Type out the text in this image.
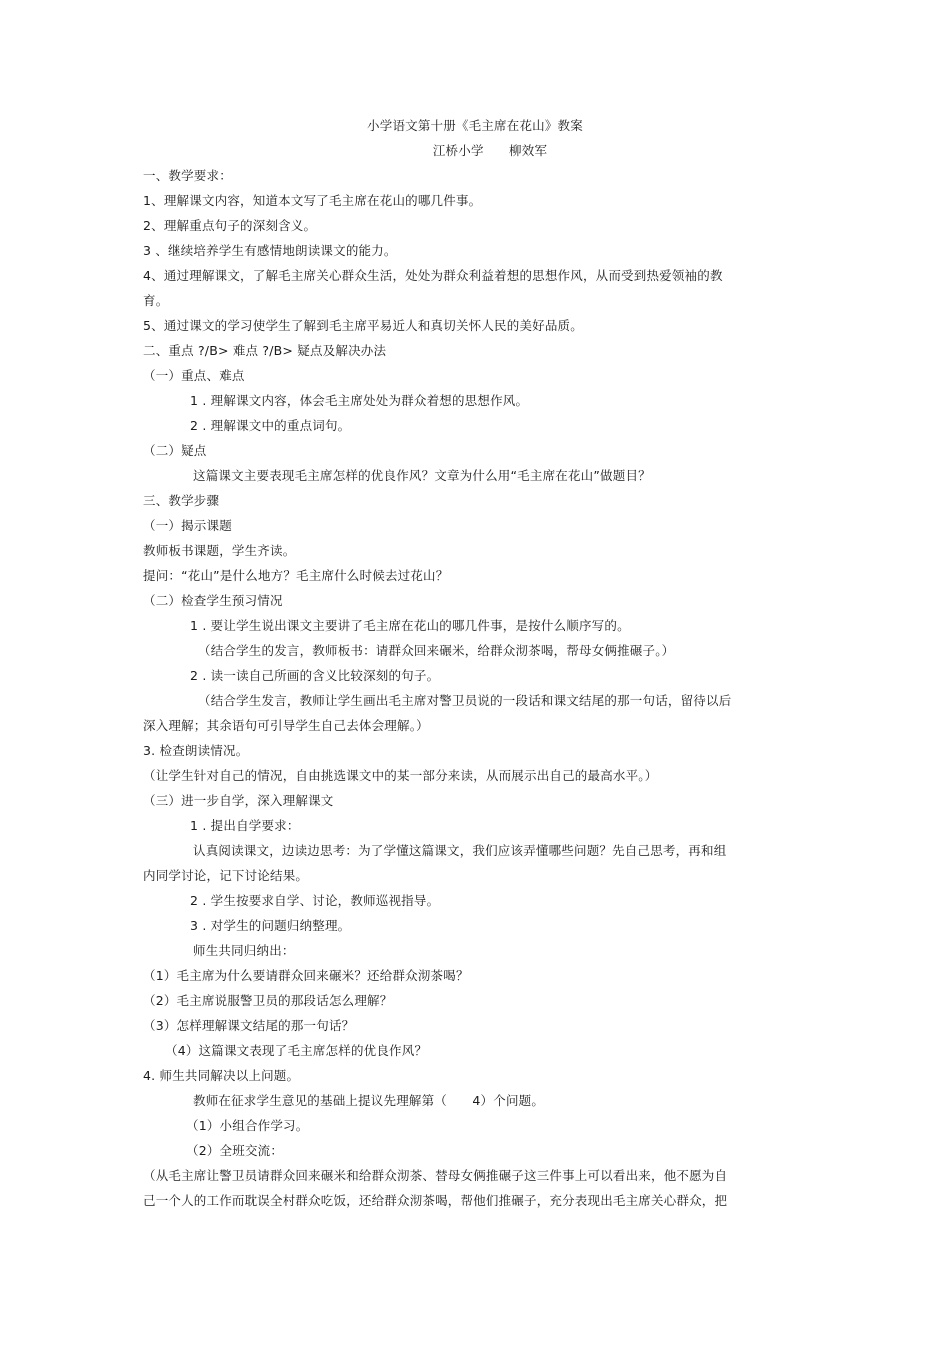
小学语文第十册《毛主席在花山》教案
江桥小学　　柳效军
一、教学要求：
1、理解课文内容，知道本文写了毛主席在花山的哪几件事。
2、理解重点句子的深刻含义。
3 、继续培养学生有感情地朗读课文的能力。
4、通过理解课文，了解毛主席关心群众生活，处处为群众利益着想的思想作风，从而受到热爱领袖的教
育。
5、通过课文的学习使学生了解到毛主席平易近人和真切关怀人民的美好品质。
二、重点 ?/B> 难点 ?/B> 疑点及解决办法
（一）重点、难点
1 . 理解课文内容，体会毛主席处处为群众着想的思想作风。
2 . 理解课文中的重点词句。
（二）疑点
这篇课文主要表现毛主席怎样的优良作风？文章为什么用“毛主席在花山”做题目？
三、教学步骤
（一）揭示课题
教师板书课题，学生齐读。
提问：“花山”是什么地方？毛主席什么时候去过花山？
（二）检查学生预习情况
1 . 要让学生说出课文主要讲了毛主席在花山的哪几件事，是按什么顺序写的。
（结合学生的发言，教师板书：请群众回来碾米，给群众沏茶喝，帮母女俩推碾子。）
2 . 读一读自己所画的含义比较深刻的句子。
（结合学生发言，教师让学生画出毛主席对警卫员说的一段话和课文结尾的那一句话，留待以后
深入理解；其余语句可引导学生自己去体会理解。）
3. 检查朗读情况。
（让学生针对自己的情况，自由挑选课文中的某一部分来读，从而展示出自己的最高水平。）
（三）进一步自学，深入理解课文
1 . 提出自学要求：
认真阅读课文，边读边思考：为了学懂这篇课文，我们应该弄懂哪些问题？先自己思考，再和组
内同学讨论，记下讨论结果。
2 . 学生按要求自学、讨论，教师巡视指导。
3 . 对学生的问题归纳整理。
师生共同归纳出：
（1）毛主席为什么要请群众回来碾米？还给群众沏茶喝？
（2）毛主席说服警卫员的那段话怎么理解？
（3）怎样理解课文结尾的那一句话？
（4）这篇课文表现了毛主席怎样的优良作风？
4. 师生共同解决以上问题。
教师在征求学生意见的基础上提议先理解第（　　4）个问题。
（1）小组合作学习。
（2）全班交流：
（从毛主席让警卫员请群众回来碾米和给群众沏茶、替母女俩推碾子这三件事上可以看出来，他不愿为自
己一个人的工作而耽误全村群众吃饭，还给群众沏茶喝，帮他们推碾子，充分表现出毛主席关心群众，把
